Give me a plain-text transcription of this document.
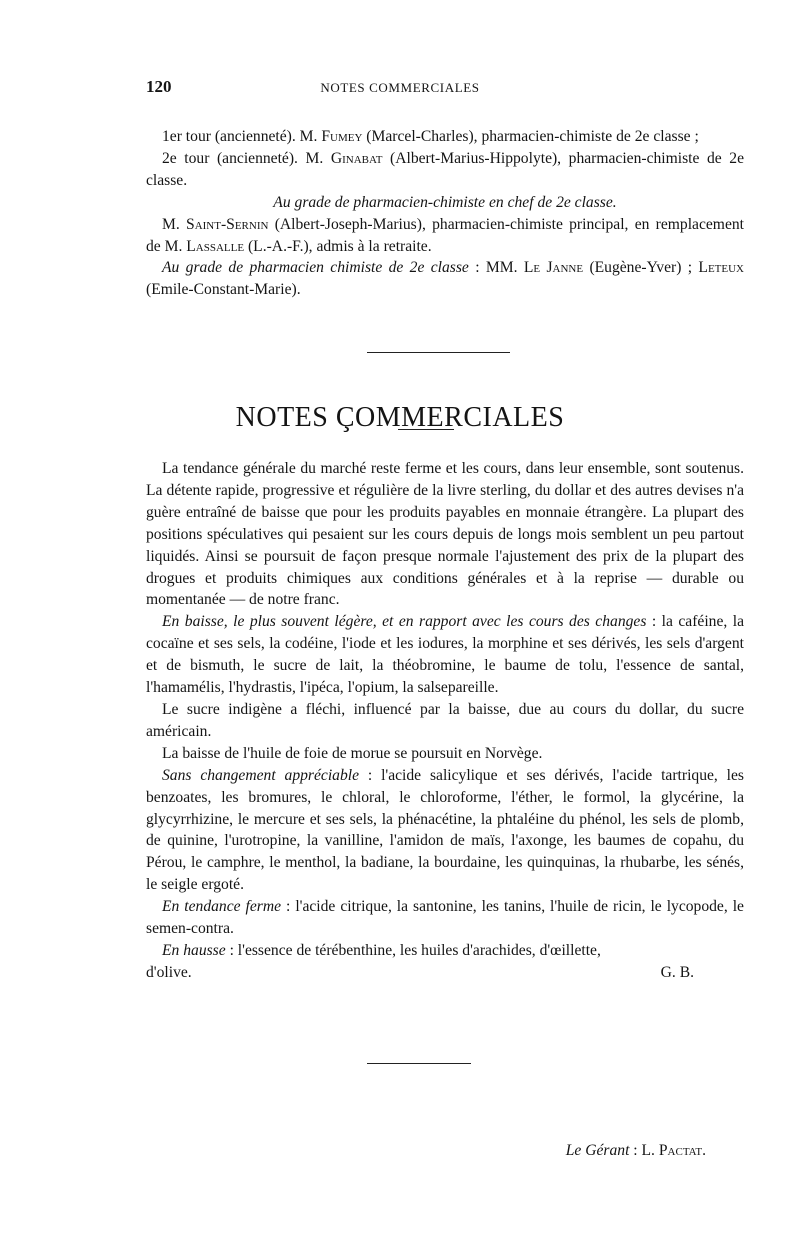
120	NOTES COMMERCIALES

1er tour (ancienneté). M. Fumey (Marcel-Charles), pharmacien-chimiste de 2e classe ;

2e tour (ancienneté). M. Ginabat (Albert-Marius-Hippolyte), pharmacien-chimiste de 2e classe.

Au grade de pharmacien-chimiste en chef de 2e classe.

M. Saint-Sernin (Albert-Joseph-Marius), pharmacien-chimiste principal, en remplacement de M. Lassalle (L.-A.-F.), admis à la retraite.

Au grade de pharmacien chimiste de 2e classe : MM. Le Janne (Eugène-Yver) ; Leteux (Emile-Constant-Marie).

NOTES ÇOMMERCIALES

La tendance générale du marché reste ferme et les cours, dans leur ensemble, sont soutenus. La détente rapide, progressive et régulière de la livre sterling, du dollar et des autres devises n'a guère entraîné de baisse que pour les produits payables en monnaie étrangère. La plupart des positions spéculatives qui pesaient sur les cours depuis de longs mois semblent un peu partout liquidés. Ainsi se poursuit de façon presque normale l'ajustement des prix de la plupart des drogues et produits chimiques aux conditions générales et à la reprise — durable ou momentanée — de notre franc.

En baisse, le plus souvent légère, et en rapport avec les cours des changes : la caféine, la cocaïne et ses sels, la codéine, l'iode et les iodures, la morphine et ses dérivés, les sels d'argent et de bismuth, le sucre de lait, la théobromine, le baume de tolu, l'essence de santal, l'hamamélis, l'hydrastis, l'ipéca, l'opium, la salsepareille.

Le sucre indigène a fléchi, influencé par la baisse, due au cours du dollar, du sucre américain.

La baisse de l'huile de foie de morue se poursuit en Norvège.

Sans changement appréciable : l'acide salicylique et ses dérivés, l'acide tartrique, les benzoates, les bromures, le chloral, le chloroforme, l'éther, le formol, la glycérine, la glycyrrhizine, le mercure et ses sels, la phénacétine, la phtaléine du phénol, les sels de plomb, de quinine, l'urotropine, la vanilline, l'amidon de maïs, l'axonge, les baumes de copahu, du Pérou, le camphre, le menthol, la badiane, la bourdaine, les quinquinas, la rhubarbe, les sénés, le seigle ergoté.

En tendance ferme : l'acide citrique, la santonine, les tanins, l'huile de ricin, le lycopode, le semen-contra.

En hausse : l'essence de térébenthine, les huiles d'arachides, d'œillette,

d'olive.	G. B.

Le Gérant : L. Pactat.
